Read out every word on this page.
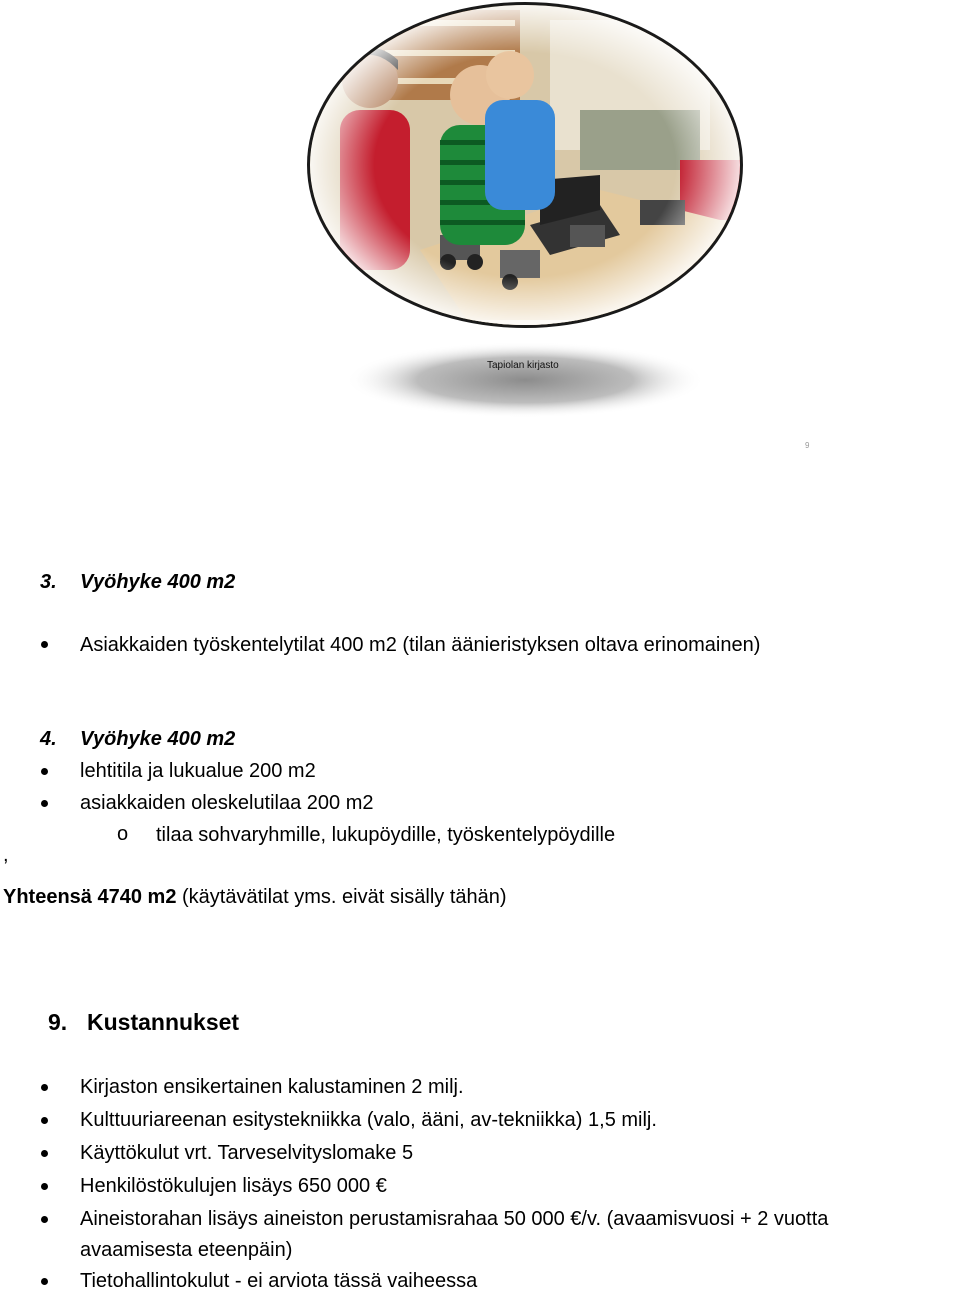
Tapiolan kirjasto
9
3. Vyöhyke 400 m2
Asiakkaiden työskentelytilat 400 m2 (tilan äänieristyksen oltava erinomainen)
4. Vyöhyke 400 m2
lehtitila ja lukualue 200 m2
asiakkaiden oleskelutilaa 200 m2
o tilaa sohvaryhmille, lukupöydille, työskentelypöydille
,
Yhteensä 4740 m2 (käytävätilat yms. eivät sisälly tähän)
9. Kustannukset
Kirjaston ensikertainen kalustaminen 2 milj.
Kulttuuriareenan esitystekniikka (valo, ääni, av-tekniikka) 1,5 milj.
Käyttökulut vrt. Tarveselvityslomake 5
Henkilöstökulujen lisäys 650 000 €
Aineistorahan lisäys aineiston perustamisrahaa 50 000 €/v. (avaamisvuosi + 2 vuotta
avaamisesta eteenpäin)
Tietohallintokulut - ei arviota tässä vaiheessa
